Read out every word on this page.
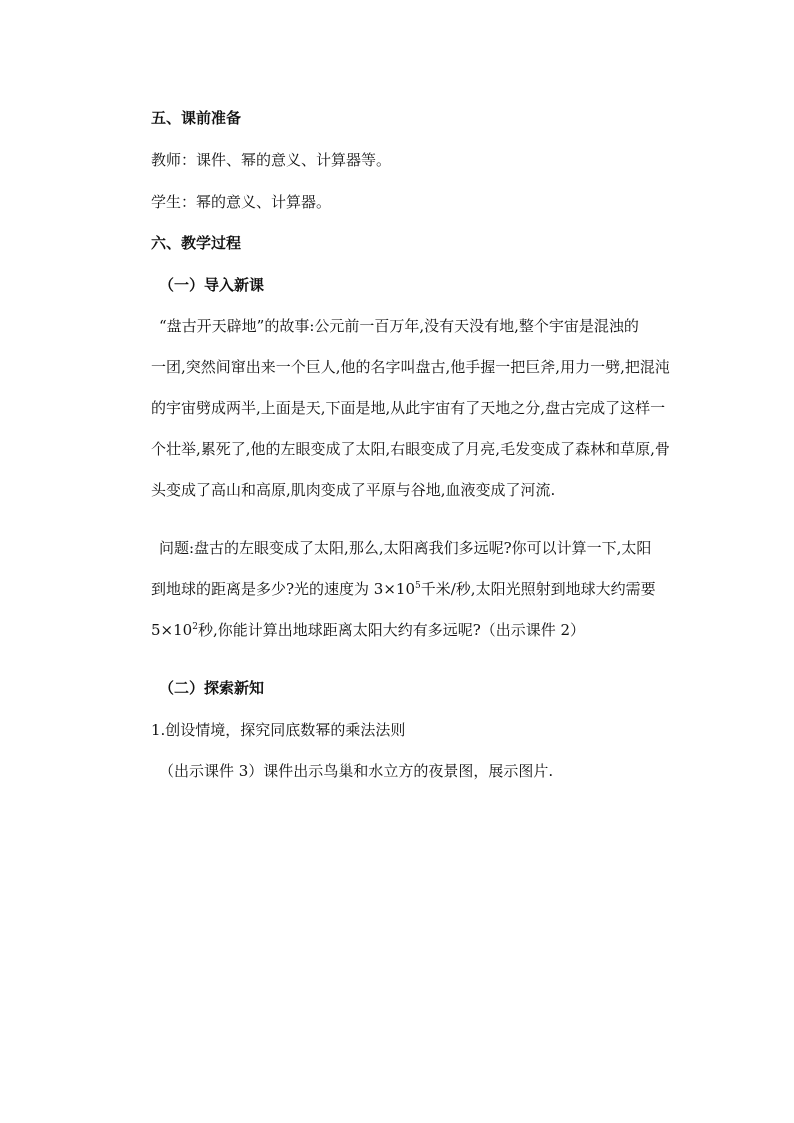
五、课前准备
教师：课件、幂的意义、计算器等。
学生：幂的意义、计算器。
六、教学过程
（一）导入新课
“盘古开天辟地”的故事:公元前一百万年,没有天没有地,整个宇宙是混浊的
一团,突然间窜出来一个巨人,他的名字叫盘古,他手握一把巨斧,用力一劈,把混沌
的宇宙劈成两半,上面是天,下面是地,从此宇宙有了天地之分,盘古完成了这样一
个壮举,累死了,他的左眼变成了太阳,右眼变成了月亮,毛发变成了森林和草原,骨
头变成了高山和高原,肌肉变成了平原与谷地,血液变成了河流.
问题:盘古的左眼变成了太阳,那么,太阳离我们多远呢?你可以计算一下,太阳
到地球的距离是多少?光的速度为 $3\times 10^5$千米/秒,太阳光照射到地球大约需要
$5\times 10^2$秒,你能计算出地球距离太阳大约有多远呢?（出示课件 2）
（二）探索新知
1.创设情境，探究同底数幂的乘法法则
（出示课件 3）课件出示鸟巢和水立方的夜景图，展示图片.
